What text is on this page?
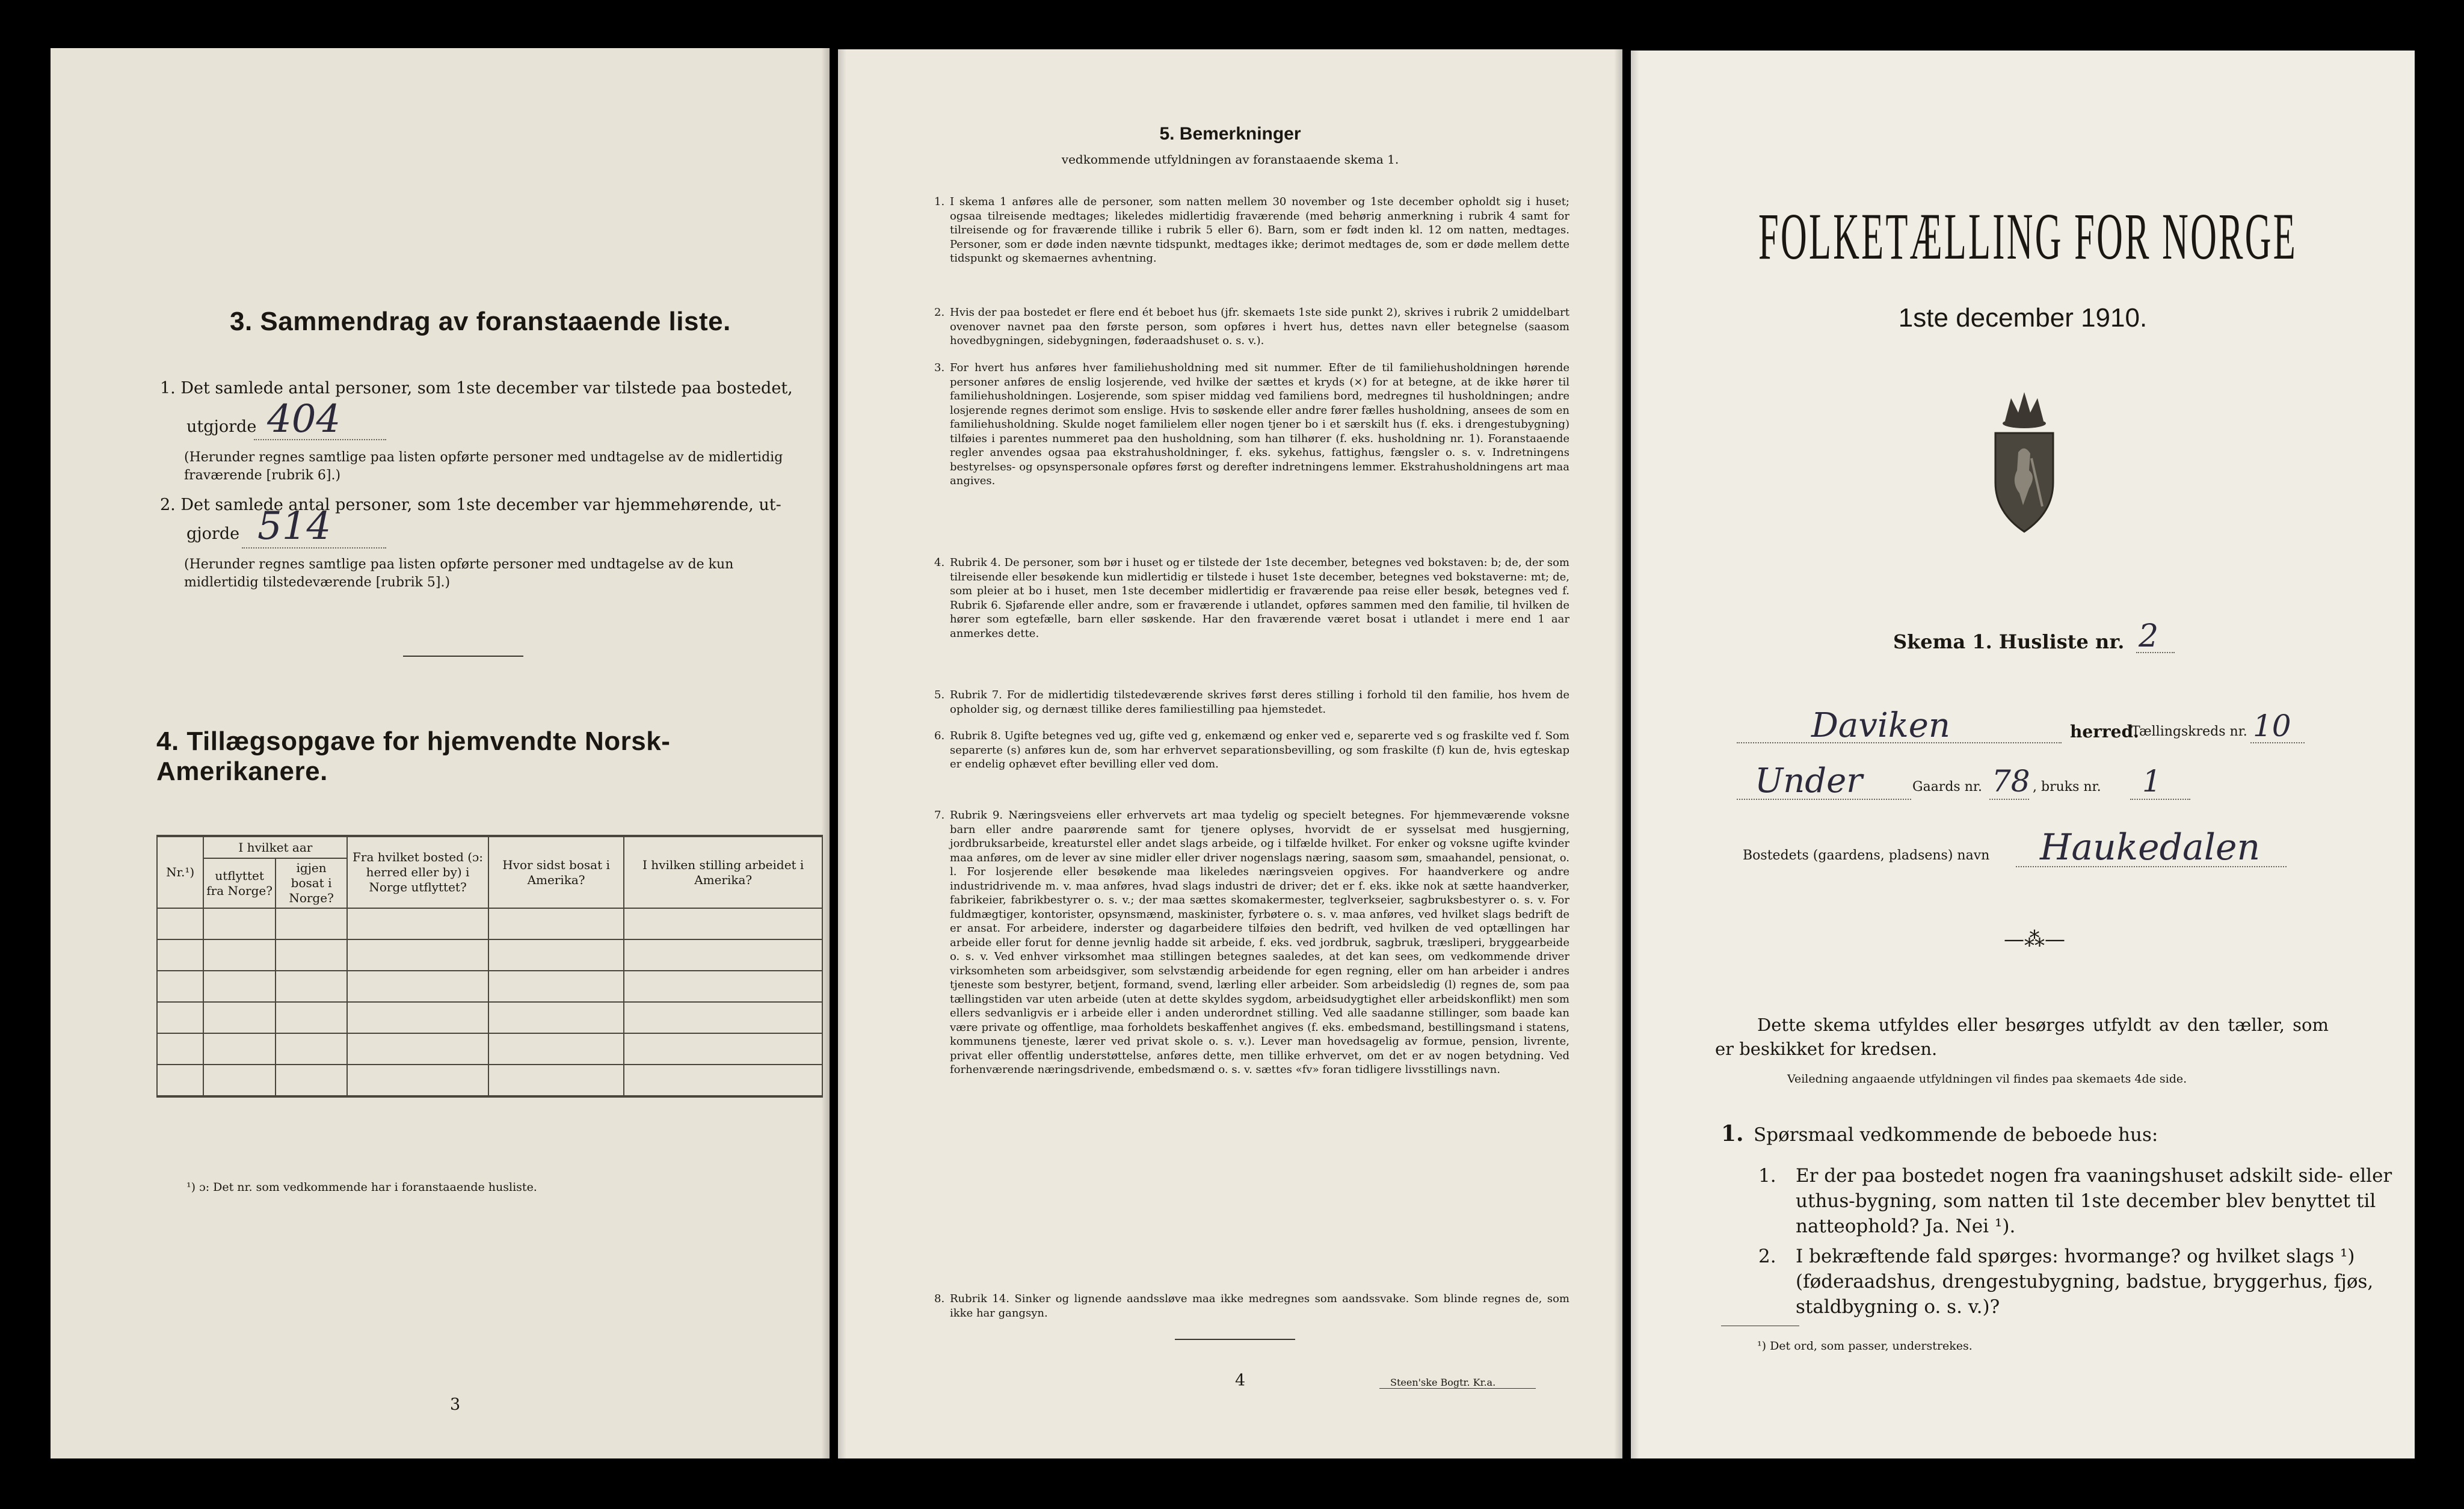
3. Sammendrag av foranstaaende liste.
1. Det samlede antal personer, som 1ste december var tilstede paa bostedet,
utgjorde 404
(Herunder regnes samtlige paa listen opførte personer med undtagelse av de midlertidig fraværende [rubrik 6].)
2. Det samlede antal personer, som 1ste december var hjemmehørende, ut-
gjorde 514
(Herunder regnes samtlige paa listen opførte personer med undtagelse av de kun midlertidig tilstedeværende [rubrik 5].)
4. Tillægsopgave for hjemvendte Norsk-Amerikanere.
Nr.¹)	I hvilket aar		Fra hvilket bosted (ɔ: herred eller by) i Norge utflyttet?	Hvor sidst bosat i Amerika?	I hvilken stilling arbeidet i Amerika?
	utflyttet fra Norge?	igjen bosat i Norge?			

¹) ɔ: Det nr. som vedkommende har i foranstaaende husliste.
3
5. Bemerkninger
vedkommende utfyldningen av foranstaaende skema 1.
1. I skema 1 anføres alle de personer, som natten mellem 30 november og 1ste december opholdt sig i huset; ogsaa tilreisende medtages; likeledes midlertidig fraværende (med behørig anmerkning i rubrik 4 samt for tilreisende og for fraværende tillike i rubrik 5 eller 6). Barn, som er født inden kl. 12 om natten, medtages. Personer, som er døde inden nævnte tidspunkt, medtages ikke; derimot medtages de, som er døde mellem dette tidspunkt og skemaernes avhentning.
2. Hvis der paa bostedet er flere end ét beboet hus (jfr. skemaets 1ste side punkt 2), skrives i rubrik 2 umiddelbart ovenover navnet paa den første person, som opføres i hvert hus, dettes navn eller betegnelse (saasom hovedbygningen, sidebygningen, føderaadshuset o. s. v.).
3. For hvert hus anføres hver familiehusholdning med sit nummer. Efter de til familiehusholdningen hørende personer anføres de enslig losjerende, ved hvilke der sættes et kryds (×) for at betegne, at de ikke hører til familiehusholdningen. Losjerende, som spiser middag ved familiens bord, medregnes til husholdningen; andre losjerende regnes derimot som enslige. Hvis to søskende eller andre fører fælles husholdning, ansees de som en familiehusholdning. Skulde noget familielem eller nogen tjener bo i et særskilt hus (f. eks. i drengestubygning) tilføies i parentes nummeret paa den husholdning, som han tilhører (f. eks. husholdning nr. 1). Foranstaaende regler anvendes ogsaa paa ekstrahusholdninger, f. eks. sykehus, fattighus, fængsler o. s. v. Indretningens bestyrelses- og opsynspersonale opføres først og derefter indretningens lemmer. Ekstrahusholdningens art maa angives.
4. Rubrik 4. De personer, som bør i huset og er tilstede der 1ste december, betegnes ved bokstaven: b; de, der som tilreisende eller besøkende kun midlertidig er tilstede i huset 1ste december, betegnes ved bokstaverne: mt; de, som pleier at bo i huset, men 1ste december midlertidig er fraværende paa reise eller besøk, betegnes ved f. Rubrik 6. Sjøfarende eller andre, som er fraværende i utlandet, opføres sammen med den familie, til hvilken de hører som egtefælle, barn eller søskende. Har den fraværende været bosat i utlandet i mere end 1 aar anmerkes dette.
5. Rubrik 7. For de midlertidig tilstedeværende skrives først deres stilling i forhold til den familie, hos hvem de opholder sig, og dernæst tillike deres familiestilling paa hjemstedet.
6. Rubrik 8. Ugifte betegnes ved ug, gifte ved g, enkemænd og enker ved e, separerte ved s og fraskilte ved f. Som separerte (s) anføres kun de, som har erhvervet separationsbevilling, og som fraskilte (f) kun de, hvis egteskap er endelig ophævet efter bevilling eller ved dom.
7. Rubrik 9. Næringsveiens eller erhvervets art maa tydelig og specielt betegnes. For hjemmeværende voksne barn eller andre paarørende samt for tjenere oplyses, hvorvidt de er sysselsat med husgjerning, jordbruksarbeide, kreaturstel eller andet slags arbeide, og i tilfælde hvilket. For enker og voksne ugifte kvinder maa anføres, om de lever av sine midler eller driver nogenslags næring, saasom søm, smaahandel, pensionat, o. l. For losjerende eller besøkende maa likeledes næringsveien opgives. For haandverkere og andre industridrivende m. v. maa anføres, hvad slags industri de driver; det er f. eks. ikke nok at sætte haandverker, fabrikeier, fabrikbestyrer o. s. v.; der maa sættes skomakermester, teglverkseier, sagbruksbestyrer o. s. v. For fuldmægtiger, kontorister, opsynsmænd, maskinister, fyrbøtere o. s. v. maa anføres, ved hvilket slags bedrift de er ansat. For arbeidere, inderster og dagarbeidere tilføies den bedrift, ved hvilken de ved optællingen har arbeide eller forut for denne jevnlig hadde sit arbeide, f. eks. ved jordbruk, sagbruk, træsliperi, bryggearbeide o. s. v. Ved enhver virksomhet maa stillingen betegnes saaledes, at det kan sees, om vedkommende driver virksomheten som arbeidsgiver, som selvstændig arbeidende for egen regning, eller om han arbeider i andres tjeneste som bestyrer, betjent, formand, svend, lærling eller arbeider. Som arbeidsledig (l) regnes de, som paa tællingstiden var uten arbeide (uten at dette skyldes sygdom, arbeidsudygtighet eller arbeidskonflikt) men som ellers sedvanligvis er i arbeide eller i anden underordnet stilling. Ved alle saadanne stillinger, som baade kan være private og offentlige, maa forholdets beskaffenhet angives (f. eks. embedsmand, bestillingsmand i statens, kommunens tjeneste, lærer ved privat skole o. s. v.). Lever man hovedsagelig av formue, pension, livrente, privat eller offentlig understøttelse, anføres dette, men tillike erhvervet, om det er av nogen betydning. Ved forhenværende næringsdrivende, embedsmænd o. s. v. sættes «fv» foran tidligere livsstillings navn.
8. Rubrik 14. Sinker og lignende aandssløve maa ikke medregnes som aandssvake. Som blinde regnes de, som ikke har gangsyn.
4	Steen'ske Bogtr. Kr.a.
FOLKETÆLLING FOR NORGE
1ste december 1910.
Skema 1. Husliste nr. 2
Daviken	herred.
Tællingskreds nr. 10
Under	Gaards nr. 78 , bruks nr. 1
Bostedets (gaardens, pladsens) navn Haukedalen
—⁂—
Dette skema utfyldes eller besørges utfyldt av den tæller, som er beskikket for kredsen.
Veiledning angaaende utfyldningen vil findes paa skemaets 4de side.
1. Spørsmaal vedkommende de beboede hus:
1. Er der paa bostedet nogen fra vaaningshuset adskilt side- eller uthus-bygning, som natten til 1ste december blev benyttet til natteophold? Ja. Nei ¹).
2. I bekræftende fald spørges: hvormange? og hvilket slags ¹) (føderaadshus, drengestubygning, badstue, bryggerhus, fjøs, staldbygning o. s. v.)?
¹) Det ord, som passer, understrekes.
